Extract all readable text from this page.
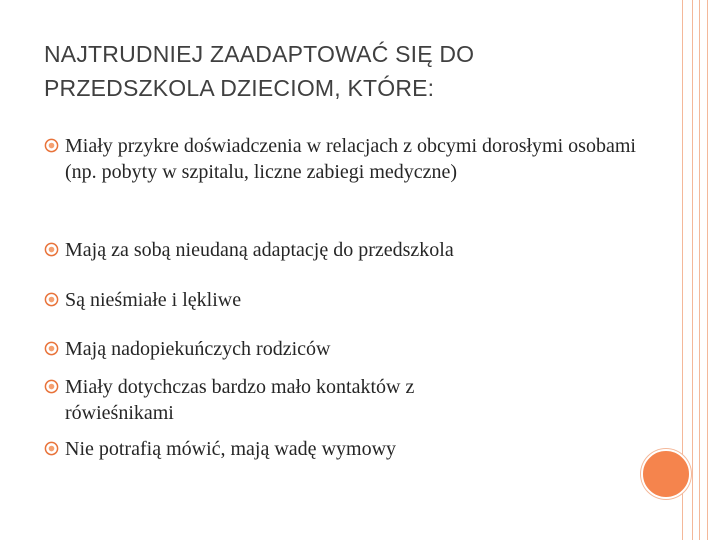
NAJTRUDNIEJ ZAADAPTOWAĆ SIĘ DO
PRZEDSZKOLA DZIECIOM, KTÓRE:
Miały przykre doświadczenia w relacjach z obcymi dorosłymi osobami (np. pobyty w szpitalu, liczne zabiegi medyczne)
Mają za sobą nieudaną adaptację do przedszkola
Są nieśmiałe i lękliwe
Mają nadopiekuńczych rodziców
Miały dotychczas bardzo mało kontaktów z rówieśnikami
Nie potrafią mówić, mają wadę wymowy
